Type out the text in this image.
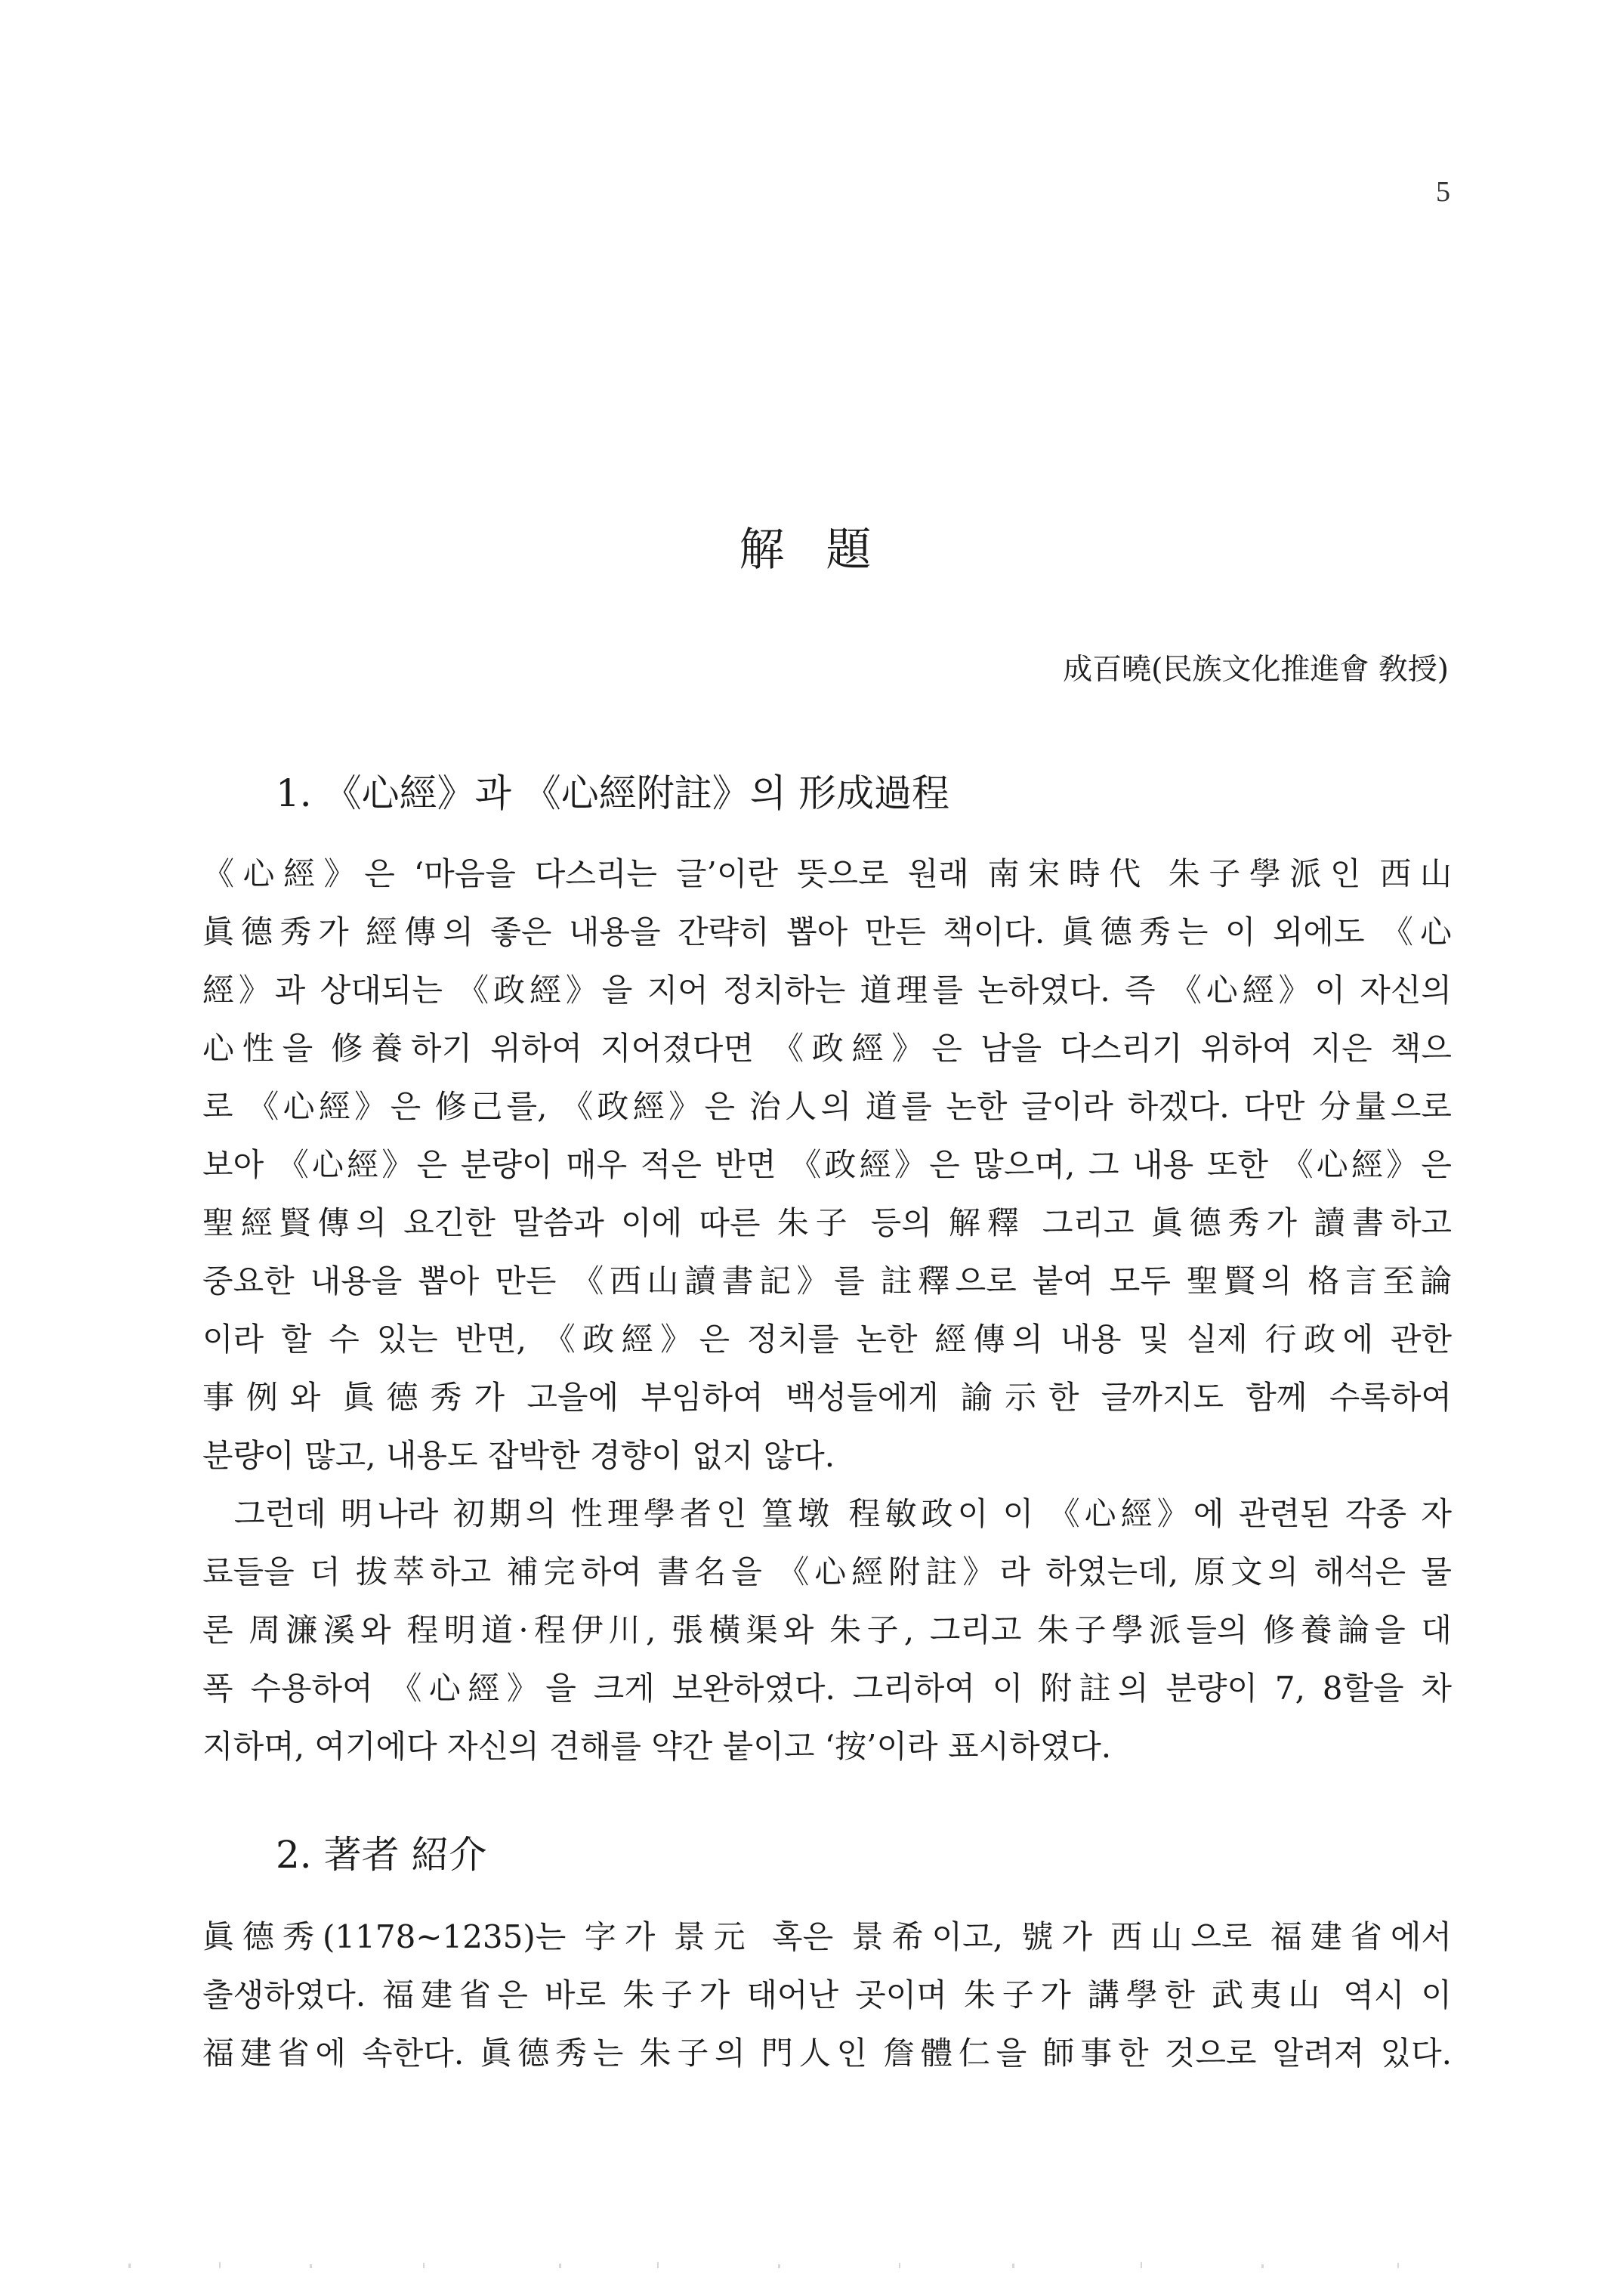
5
解 題
成百曉(民族文化推進會 敎授)
1. 《心經》과 《心經附註》의 形成過程
《心經》은 ‘마음을 다스리는 글’이란 뜻으로 원래 南宋時代 朱子學派인 西山
眞德秀가 經傳의 좋은 내용을 간략히 뽑아 만든 책이다. 眞德秀는 이 외에도 《心
經》과 상대되는 《政經》을 지어 정치하는 道理를 논하였다. 즉 《心經》이 자신의
心性을 修養하기 위하여 지어졌다면 《政經》은 남을 다스리기 위하여 지은 책으
로 《心經》은 修己를, 《政經》은 治人의 道를 논한 글이라 하겠다. 다만 分量으로
보아 《心經》은 분량이 매우 적은 반면 《政經》은 많으며, 그 내용 또한 《心經》은
聖經賢傳의 요긴한 말씀과 이에 따른 朱子 등의 解釋 그리고 眞德秀가 讀書하고
중요한 내용을 뽑아 만든 《西山讀書記》를 註釋으로 붙여 모두 聖賢의 格言至論
이라 할 수 있는 반면, 《政經》은 정치를 논한 經傳의 내용 및 실제 行政에 관한
事例와 眞德秀가 고을에 부임하여 백성들에게 諭示한 글까지도 함께 수록하여
분량이 많고, 내용도 잡박한 경향이 없지 않다.
그런데 明나라 初期의 性理學者인 篁墩 程敏政이 이 《心經》에 관련된 각종 자
료들을 더 拔萃하고 補完하여 書名을 《心經附註》라 하였는데, 原文의 해석은 물
론 周濂溪와 程明道·程伊川, 張橫渠와 朱子, 그리고 朱子學派들의 修養論을 대
폭 수용하여 《心經》을 크게 보완하였다. 그리하여 이 附註의 분량이 7, 8할을 차
지하며, 여기에다 자신의 견해를 약간 붙이고 ‘按’이라 표시하였다.
2. 著者 紹介
眞德秀(1178~1235)는 字가 景元 혹은 景希이고, 號가 西山으로 福建省에서
출생하였다. 福建省은 바로 朱子가 태어난 곳이며 朱子가 講學한 武夷山 역시 이
福建省에 속한다. 眞德秀는 朱子의 門人인 詹體仁을 師事한 것으로 알려져 있다.
